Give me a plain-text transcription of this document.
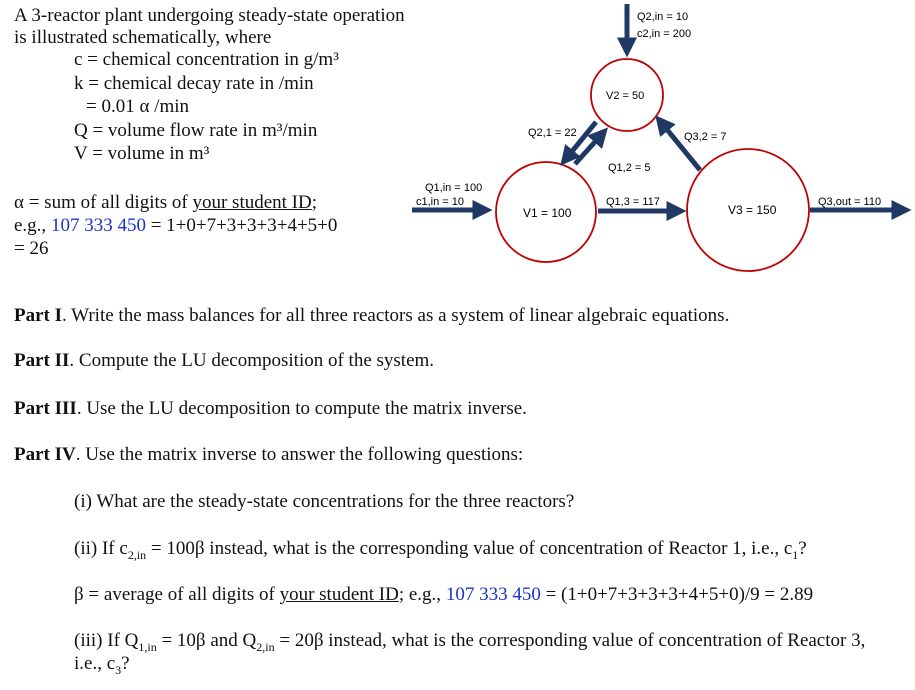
A 3-reactor plant undergoing steady-state operation
is illustrated schematically, where
c = chemical concentration in g/m³
k = chemical decay rate in /min
= 0.01 α /min
Q = volume flow rate in m³/min
V = volume in m³
α = sum of all digits of your student ID;
e.g., 107 333 450 = 1+0+7+3+3+3+4+5+0
= 26
Q1,in = 100
c1,in = 10
Q2,in = 10
c2,in = 200
V1 = 100
V2 = 50
V3 = 150
Q2,1 = 22
Q1,2 = 5
Q1,3 = 117
Q3,2 = 7
Q3,out = 110
Part I. Write the mass balances for all three reactors as a system of linear algebraic equations.
Part II. Compute the LU decomposition of the system.
Part III. Use the LU decomposition to compute the matrix inverse.
Part IV. Use the matrix inverse to answer the following questions:
(i) What are the steady-state concentrations for the three reactors?
(ii) If $c_{2,in} = 100\beta$ instead, what is the corresponding value of concentration of Reactor 1, i.e., $c_1$?
β = average of all digits of your student ID; e.g., 107 333 450 = (1+0+7+3+3+3+4+5+0)/9 = 2.89
(iii) If $Q_{1,in} = 10\beta$ and $Q_{2,in} = 20\beta$ instead, what is the corresponding value of concentration of Reactor 3,
i.e., $c_3$?
